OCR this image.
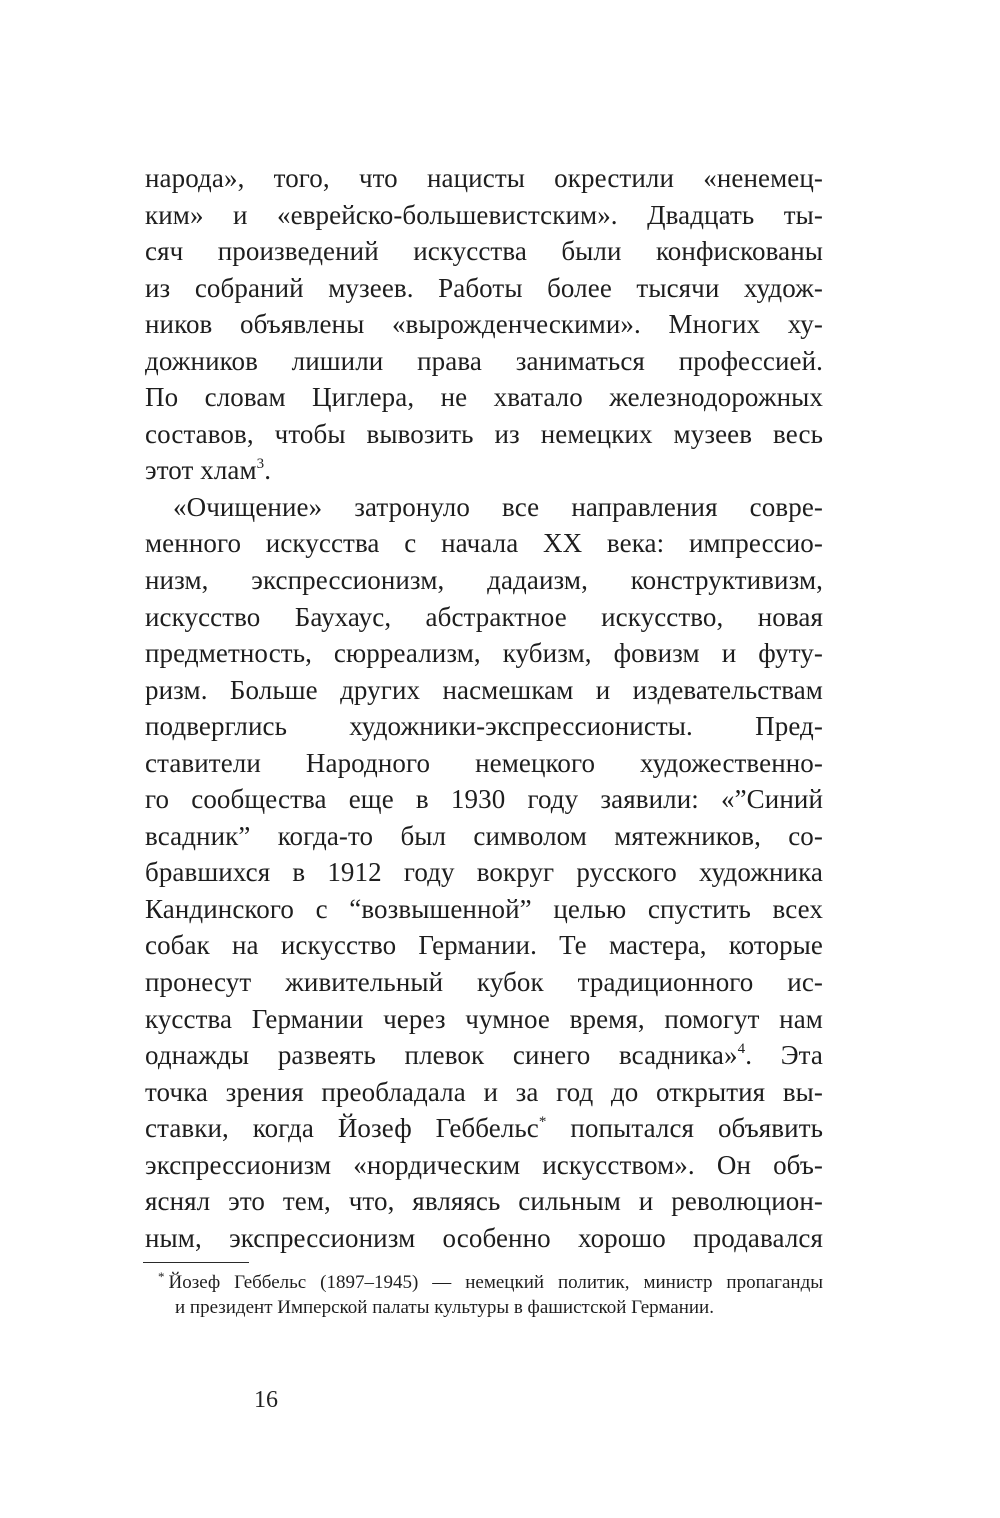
народа», того, что нацисты окрестили «ненемец-
ким» и «еврейско-большевистским». Двадцать ты-
сяч произведений искусства были конфискованы
из собраний музеев. Работы более тысячи худож-
ников объявлены «вырожденческими». Многих ху-
дожников лишили права заниматься профессией.
По словам Циглера, не хватало железнодорожных
составов, чтобы вывозить из немецких музеев весь
этот хлам$^3$.
«Очищение» затронуло все направления совре-
менного искусства с начала XX века: импрессио-
низм, экспрессионизм, дадаизм, конструктивизм,
искусство Баухаус, абстрактное искусство, новая
предметность, сюрреализм, кубизм, фовизм и футу-
ризм. Больше других насмешкам и издевательствам
подверглись художники-экспрессионисты. Пред-
ставители Народного немецкого художественно-
го сообщества еще в 1930 году заявили: «”Синий
всадник” когда-то был символом мятежников, со-
бравшихся в 1912 году вокруг русского художника
Кандинского с “возвышенной” целью спустить всех
собак на искусство Германии. Те мастера, которые
пронесут живительный кубок традиционного ис-
кусства Германии через чумное время, помогут нам
однажды развеять плевок синего всадника»$^4$. Эта
точка зрения преобладала и за год до открытия вы-
ставки, когда Йозеф Геббельс* попытался объявить
экспрессионизм «нордическим искусством». Он объ-
яснял это тем, что, являясь сильным и революцион-
ным, экспрессионизм особенно хорошо продавался
* Йозеф Геббельс (1897–1945) — немецкий политик, министр пропаганды
и президент Имперской палаты культуры в фашистской Германии.
16
